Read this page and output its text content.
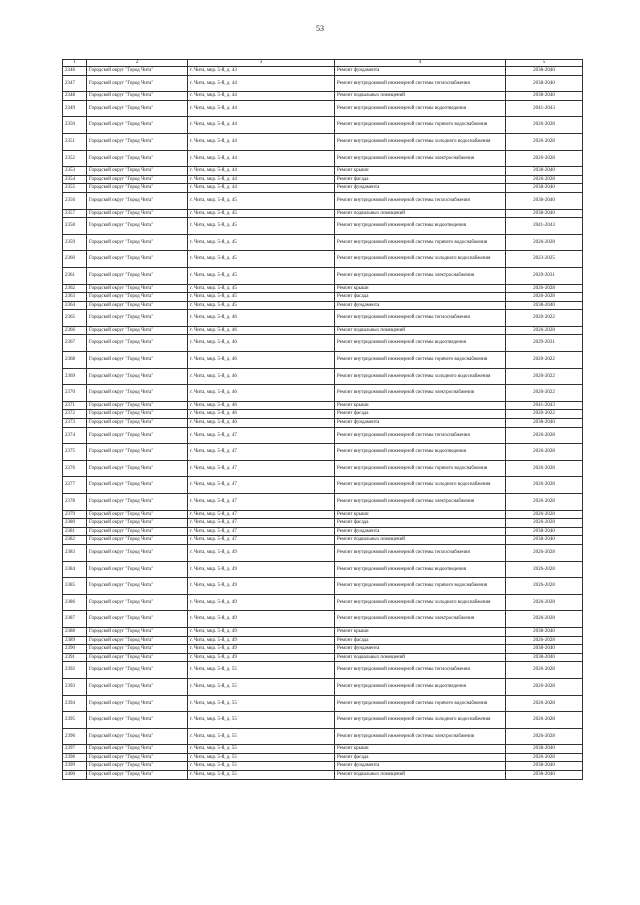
53
1	2	3	4	5
2346	Городской округ "Город Чита"	г. Чита, мкр. 5-й, д. 43	Ремонт фундамента	2038-2040
2347	Городской округ "Город Чита"	г. Чита, мкр. 5-й, д. 44	Ремонт внутридомовой инженерной системы теплоснабжения	2038-2040
2348	Городской округ "Город Чита"	г. Чита, мкр. 5-й, д. 44	Ремонт подвальных помещений	2038-2040
2349	Городской округ "Город Чита"	г. Чита, мкр. 5-й, д. 44	Ремонт внутридомовой инженерной системы водоотведения	2041-2043
2350	Городской округ "Город Чита"	г. Чита, мкр. 5-й, д. 44	Ремонт внутридомовой инженерной системы горячего водоснабжения	2026-2028
2351	Городской округ "Город Чита"	г. Чита, мкр. 5-й, д. 44	Ремонт внутридомовой инженерной системы холодного водоснабжения	2026-2028
2352	Городской округ "Город Чита"	г. Чита, мкр. 5-й, д. 44	Ремонт внутридомовой инженерной системы электроснабжения	2026-2028
2353	Городской округ "Город Чита"	г. Чита, мкр. 5-й, д. 44	Ремонт крыши	2038-2040
2354	Городской округ "Город Чита"	г. Чита, мкр. 5-й, д. 44	Ремонт фасада	2026-2028
2355	Городской округ "Город Чита"	г. Чита, мкр. 5-й, д. 44	Ремонт фундамента	2038-2040
2356	Городской округ "Город Чита"	г. Чита, мкр. 5-й, д. 45	Ремонт внутридомовой инженерной системы теплоснабжения	2038-2040
2357	Городской округ "Город Чита"	г. Чита, мкр. 5-й, д. 45	Ремонт подвальных помещений	2038-2040
2358	Городской округ "Город Чита"	г. Чита, мкр. 5-й, д. 45	Ремонт внутридомовой инженерной системы водоотведения	2041-2043
2359	Городской округ "Город Чита"	г. Чита, мкр. 5-й, д. 45	Ремонт внутридомовой инженерной системы горячего водоснабжения	2026-2028
2360	Городской округ "Город Чита"	г. Чита, мкр. 5-й, д. 45	Ремонт внутридомовой инженерной системы холодного водоснабжения	2023-2025
2361	Городской округ "Город Чита"	г. Чита, мкр. 5-й, д. 45	Ремонт внутридомовой инженерной системы электроснабжения	2029-2031
2362	Городской округ "Город Чита"	г. Чита, мкр. 5-й, д. 45	Ремонт крыши	2026-2028
2363	Городской округ "Город Чита"	г. Чита, мкр. 5-й, д. 45	Ремонт фасада	2026-2028
2364	Городской округ "Город Чита"	г. Чита, мкр. 5-й, д. 45	Ремонт фундамента	2038-2040
2365	Городской округ "Город Чита"	г. Чита, мкр. 5-й, д. 46	Ремонт внутридомовой инженерной системы теплоснабжения	2020-2022
2366	Городской округ "Город Чита"	г. Чита, мкр. 5-й, д. 46	Ремонт подвальных помещений	2026-2028
2367	Городской округ "Город Чита"	г. Чита, мкр. 5-й, д. 46	Ремонт внутридомовой инженерной системы водоотведения	2029-2031
2368	Городской округ "Город Чита"	г. Чита, мкр. 5-й, д. 46	Ремонт внутридомовой инженерной системы горячего водоснабжения	2020-2022
2369	Городской округ "Город Чита"	г. Чита, мкр. 5-й, д. 46	Ремонт внутридомовой инженерной системы холодного водоснабжения	2020-2022
2370	Городской округ "Город Чита"	г. Чита, мкр. 5-й, д. 46	Ремонт внутридомовой инженерной системы электроснабжения	2020-2022
2371	Городской округ "Город Чита"	г. Чита, мкр. 5-й, д. 46	Ремонт крыши	2041-2043
2372	Городской округ "Город Чита"	г. Чита, мкр. 5-й, д. 46	Ремонт фасада	2020-2022
2373	Городской округ "Город Чита"	г. Чита, мкр. 5-й, д. 46	Ремонт фундамента	2038-2040
2374	Городской округ "Город Чита"	г. Чита, мкр. 5-й, д. 47	Ремонт внутридомовой инженерной системы теплоснабжения	2026-2028
2375	Городской округ "Город Чита"	г. Чита, мкр. 5-й, д. 47	Ремонт внутридомовой инженерной системы водоотведения	2026-2028
2376	Городской округ "Город Чита"	г. Чита, мкр. 5-й, д. 47	Ремонт внутридомовой инженерной системы горячего водоснабжения	2026-2028
2377	Городской округ "Город Чита"	г. Чита, мкр. 5-й, д. 47	Ремонт внутридомовой инженерной системы холодного водоснабжения	2026-2028
2378	Городской округ "Город Чита"	г. Чита, мкр. 5-й, д. 47	Ремонт внутридомовой инженерной системы электроснабжения	2026-2028
2379	Городской округ "Город Чита"	г. Чита, мкр. 5-й, д. 47	Ремонт крыши	2026-2028
2380	Городской округ "Город Чита"	г. Чита, мкр. 5-й, д. 47	Ремонт фасада	2026-2028
2381	Городской округ "Город Чита"	г. Чита, мкр. 5-й, д. 47	Ремонт фундамента	2038-2040
2382	Городской округ "Город Чита"	г. Чита, мкр. 5-й, д. 47	Ремонт подвальных помещений	2038-2040
2383	Городской округ "Город Чита"	г. Чита, мкр. 5-й, д. 49	Ремонт внутридомовой инженерной системы теплоснабжения	2026-2028
2384	Городской округ "Город Чита"	г. Чита, мкр. 5-й, д. 49	Ремонт внутридомовой инженерной системы водоотведения	2026-2028
2385	Городской округ "Город Чита"	г. Чита, мкр. 5-й, д. 49	Ремонт внутридомовой инженерной системы горячего водоснабжения	2026-2028
2386	Городской округ "Город Чита"	г. Чита, мкр. 5-й, д. 49	Ремонт внутридомовой инженерной системы холодного водоснабжения	2026-2028
2387	Городской округ "Город Чита"	г. Чита, мкр. 5-й, д. 49	Ремонт внутридомовой инженерной системы электроснабжения	2026-2028
2388	Городской округ "Город Чита"	г. Чита, мкр. 5-й, д. 49	Ремонт крыши	2038-2040
2389	Городской округ "Город Чита"	г. Чита, мкр. 5-й, д. 49	Ремонт фасада	2026-2028
2390	Городской округ "Город Чита"	г. Чита, мкр. 5-й, д. 49	Ремонт фундамента	2038-2040
2391	Городской округ "Город Чита"	г. Чита, мкр. 5-й, д. 49	Ремонт подвальных помещений	2038-2040
2392	Городской округ "Город Чита"	г. Чита, мкр. 5-й, д. 55	Ремонт внутридомовой инженерной системы теплоснабжения	2026-2028
2393	Городской округ "Город Чита"	г. Чита, мкр. 5-й, д. 55	Ремонт внутридомовой инженерной системы водоотведения	2026-2028
2394	Городской округ "Город Чита"	г. Чита, мкр. 5-й, д. 55	Ремонт внутридомовой инженерной системы горячего водоснабжения	2026-2028
2395	Городской округ "Город Чита"	г. Чита, мкр. 5-й, д. 55	Ремонт внутридомовой инженерной системы холодного водоснабжения	2026-2028
2396	Городской округ "Город Чита"	г. Чита, мкр. 5-й, д. 55	Ремонт внутридомовой инженерной системы электроснабжения	2026-2028
2397	Городской округ "Город Чита"	г. Чита, мкр. 5-й, д. 55	Ремонт крыши	2038-2040
2398	Городской округ "Город Чита"	г. Чита, мкр. 5-й, д. 55	Ремонт фасада	2026-2028
2399	Городской округ "Город Чита"	г. Чита, мкр. 5-й, д. 55	Ремонт фундамента	2038-2040
2400	Городской округ "Город Чита"	г. Чита, мкр. 5-й, д. 55	Ремонт подвальных помещений	2038-2040
